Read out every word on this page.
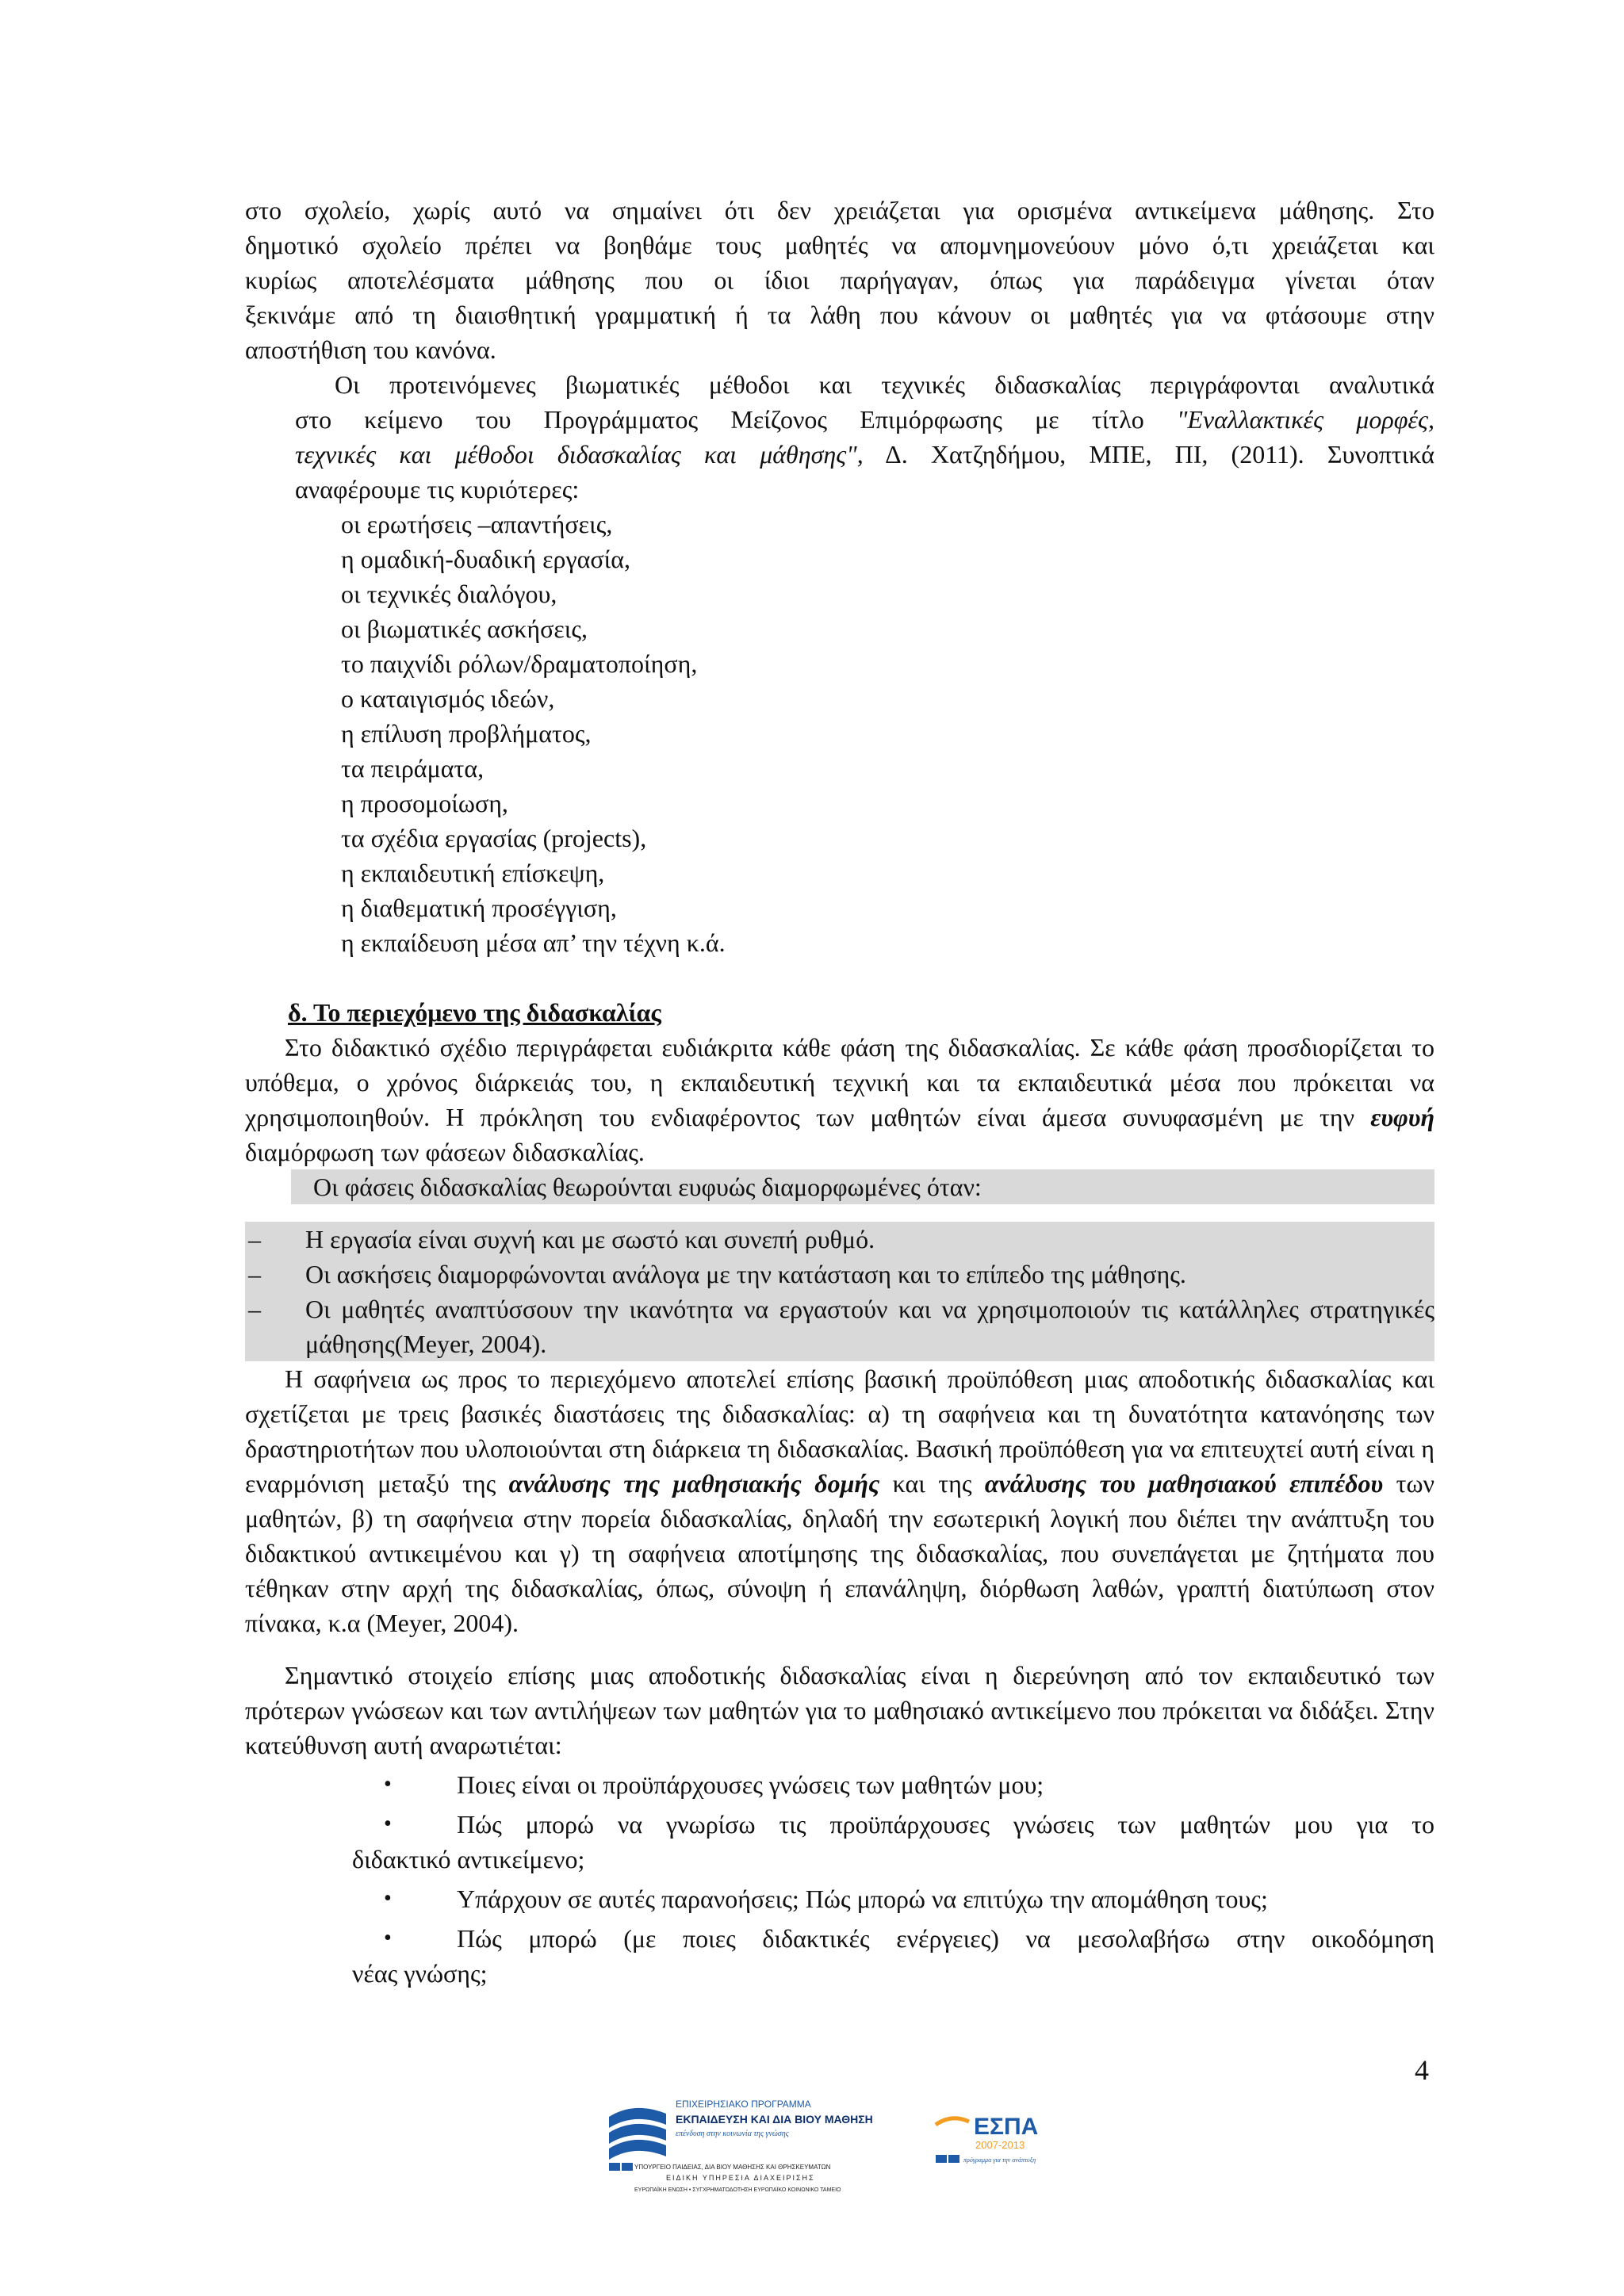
στο σχολείο, χωρίς αυτό να σημαίνει ότι δεν χρειάζεται για ορισμένα αντικείμενα μάθησης. Στο
δημοτικό σχολείο πρέπει να βοηθάμε τους μαθητές να απομνημονεύουν μόνο ό,τι χρειάζεται και
κυρίως αποτελέσματα μάθησης που οι ίδιοι παρήγαγαν, όπως για παράδειγμα γίνεται όταν
ξεκινάμε από τη διαισθητική γραμματική ή τα λάθη που κάνουν οι μαθητές για να φτάσουμε στην
αποστήθιση του κανόνα.

Οι προτεινόμενες βιωματικές μέθοδοι και τεχνικές διδασκαλίας περιγράφονται αναλυτικά

στο κείμενο του Προγράμματος Μείζονος Επιμόρφωσης με τίτλο "Εναλλακτικές μορφές,

τεχνικές και μέθοδοι διδασκαλίας και μάθησης", Δ. Χατζηδήμου, ΜΠΕ, ΠΙ, (2011). Συνοπτικά

αναφέρουμε τις κυριότερες:

οι ερωτήσεις –απαντήσεις,
η ομαδική-δυαδική εργασία,
οι τεχνικές διαλόγου,
οι βιωματικές ασκήσεις,
το παιχνίδι ρόλων/δραματοποίηση,
ο καταιγισμός ιδεών,
η επίλυση προβλήματος,
τα πειράματα,
η προσομοίωση,
τα σχέδια εργασίας (projects),
η εκπαιδευτική επίσκεψη,
η διαθεματική προσέγγιση,
η εκπαίδευση μέσα απ’ την τέχνη κ.ά.
δ. Το περιεχόμενο της διδασκαλίας

Στο διδακτικό σχέδιο περιγράφεται ευδιάκριτα κάθε φάση της διδασκαλίας. Σε κάθε φάση προσδιορίζεται το υπόθεμα, ο χρόνος διάρκειάς του, η εκπαιδευτική τεχνική και τα εκπαιδευτικά μέσα που πρόκειται να χρησιμοποιηθούν. Η πρόκληση του ενδιαφέροντος των μαθητών είναι άμεσα συνυφασμένη με την ευφυή διαμόρφωση των φάσεων διδασκαλίας.

Οι φάσεις διδασκαλίας θεωρούνται ευφυώς διαμορφωμένες όταν:
–	Η εργασία είναι συχνή και με σωστό και συνεπή ρυθμό.
–	Οι ασκήσεις διαμορφώνονται ανάλογα με την κατάσταση και το επίπεδο της μάθησης.
–	Οι μαθητές αναπτύσσουν την ικανότητα να εργαστούν και να χρησιμοποιούν τις κατάλληλες στρατηγικές μάθησης(Meyer, 2004).

Η σαφήνεια ως προς το περιεχόμενο αποτελεί επίσης βασική προϋπόθεση μιας αποδοτικής διδασκαλίας και σχετίζεται με τρεις βασικές διαστάσεις της διδασκαλίας: α) τη σαφήνεια και τη δυνατότητα κατανόησης των δραστηριοτήτων που υλοποιούνται στη διάρκεια τη διδασκαλίας. Βασική προϋπόθεση για να επιτευχτεί αυτή είναι η εναρμόνιση μεταξύ της ανάλυσης της μαθησιακής δομής και της ανάλυσης του μαθησιακού επιπέδου των μαθητών, β) τη σαφήνεια στην πορεία διδασκαλίας, δηλαδή την εσωτερική λογική που διέπει την ανάπτυξη του διδακτικού αντικειμένου και γ) τη σαφήνεια αποτίμησης της διδασκαλίας, που συνεπάγεται με ζητήματα που τέθηκαν στην αρχή της διδασκαλίας, όπως, σύνοψη ή επανάληψη, διόρθωση λαθών, γραπτή διατύπωση στον πίνακα, κ.α (Meyer, 2004).

Σημαντικό στοιχείο επίσης μιας αποδοτικής διδασκαλίας είναι η διερεύνηση από τον εκπαιδευτικό των πρότερων γνώσεων και των αντιλήψεων των μαθητών για το μαθησιακό αντικείμενο που πρόκειται να διδάξει. Στην κατεύθυνση αυτή αναρωτιέται:

•	Ποιες είναι οι προϋπάρχουσες γνώσεις των μαθητών μου;
•	Πώς μπορώ να γνωρίσω τις προϋπάρχουσες γνώσεις των μαθητών μου για το
διδακτικό αντικείμενο;
•	Υπάρχουν σε αυτές παρανοήσεις; Πώς μπορώ να επιτύχω την απομάθηση τους;
•	Πώς μπορώ (με ποιες διδακτικές ενέργειες) να μεσολαβήσω στην οικοδόμηση
νέας γνώσης;
4
ΕΠΙΧΕΙΡΗΣΙΑΚΟ ΠΡΟΓΡΑΜΜΑ
ΕΚΠΑΙΔΕΥΣΗ ΚΑΙ ΔΙΑ ΒΙΟΥ ΜΑΘΗΣΗ
επένδυση στην κοινωνία της γνώσης
ΥΠΟΥΡΓΕΙΟ ΠΑΙΔΕΙΑΣ, ΔΙΑ ΒΙΟΥ ΜΑΘΗΣΗΣ ΚΑΙ ΘΡΗΣΚΕΥΜΑΤΩΝ
ΕΙΔΙΚΗ ΥΠΗΡΕΣΙΑ ΔΙΑΧΕΙΡΙΣΗΣ
ΕΥΡΩΠΑΪΚΗ ΕΝΩΣΗ • ΣΥΓΧΡΗΜΑΤΟΔΟΤΗΣΗ ΕΥΡΩΠΑΪΚΟ ΚΟΙΝΩΝΙΚΟ ΤΑΜΕΙΟ
ΕΣΠΑ
2007-2013
πρόγραμμα για την ανάπτυξη
